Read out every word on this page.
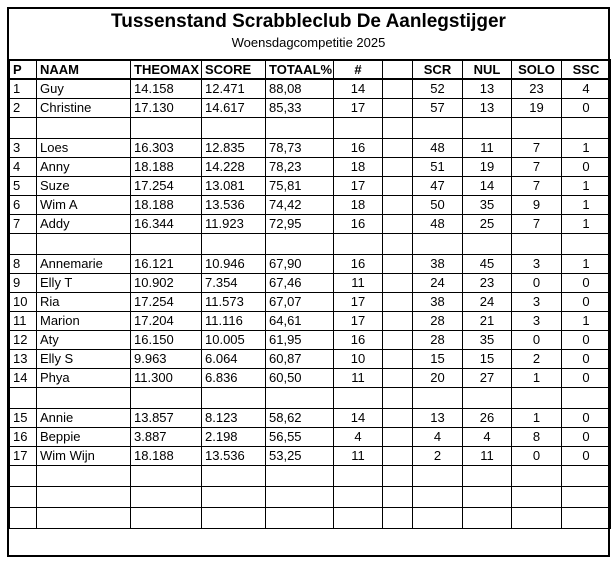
Tussenstand Scrabbleclub De Aanlegstijger
Woensdagcompetitie 2025
P	NAAM	THEOMAX	SCORE	TOTAAL%	#		SCR	NUL	SOLO	SSC
1	Guy	14.158	12.471	88,08	14		52	13	23	4
2	Christine	17.130	14.617	85,33	17		57	13	19	0

3	Loes	16.303	12.835	78,73	16		48	11	7	1
4	Anny	18.188	14.228	78,23	18		51	19	7	0
5	Suze	17.254	13.081	75,81	17		47	14	7	1
6	Wim A	18.188	13.536	74,42	18		50	35	9	1
7	Addy	16.344	11.923	72,95	16		48	25	7	1

8	Annemarie	16.121	10.946	67,90	16		38	45	3	1
9	Elly T	10.902	7.354	67,46	11		24	23	0	0
10	Ria	17.254	11.573	67,07	17		38	24	3	0
11	Marion	17.204	11.116	64,61	17		28	21	3	1
12	Aty	16.150	10.005	61,95	16		28	35	0	0
13	Elly S	9.963	6.064	60,87	10		15	15	2	0
14	Phya	11.300	6.836	60,50	11		20	27	1	0

15	Annie	13.857	8.123	58,62	14		13	26	1	0
16	Beppie	3.887	2.198	56,55	4		4	4	8	0
17	Wim Wijn	18.188	13.536	53,25	11		2	11	0	0
